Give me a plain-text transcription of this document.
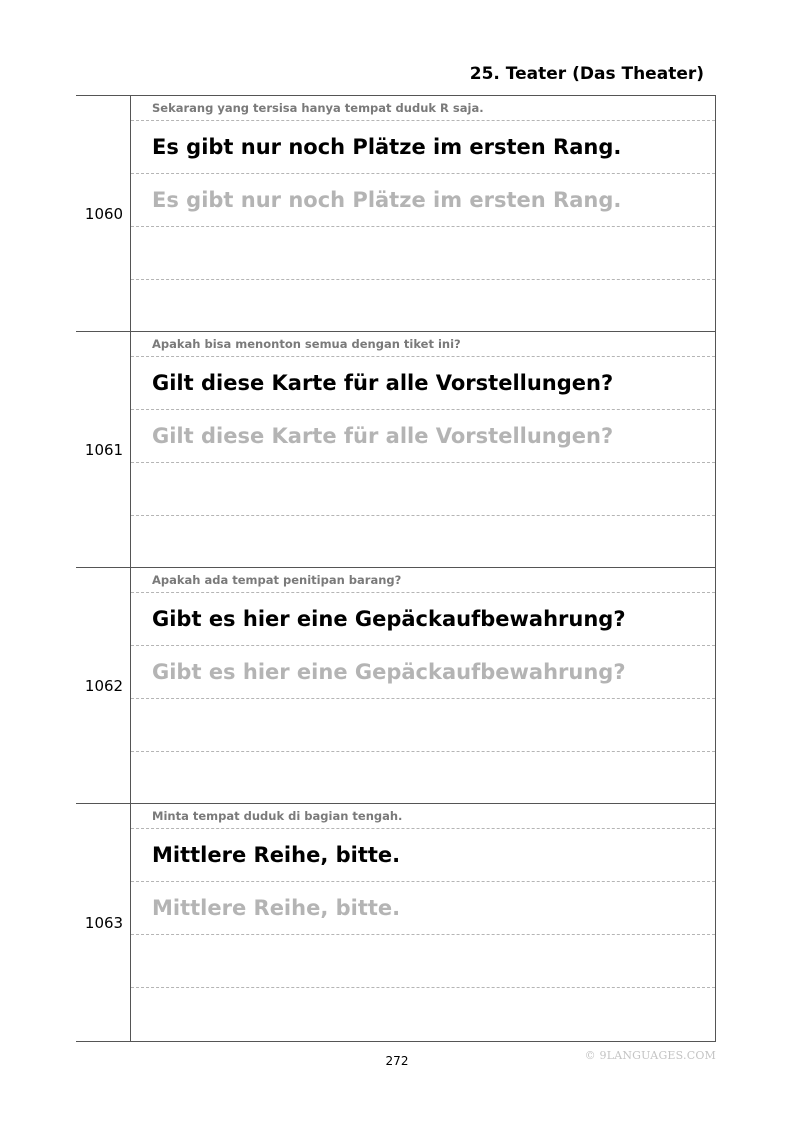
25. Teater (Das Theater)
1060
Sekarang yang tersisa hanya tempat duduk R saja.
Es gibt nur noch Plätze im ersten Rang.
Es gibt nur noch Plätze im ersten Rang.
1061
Apakah bisa menonton semua dengan tiket ini?
Gilt diese Karte für alle Vorstellungen?
Gilt diese Karte für alle Vorstellungen?
1062
Apakah ada tempat penitipan barang?
Gibt es hier eine Gepäckaufbewahrung?
Gibt es hier eine Gepäckaufbewahrung?
1063
Minta tempat duduk di bagian tengah.
Mittlere Reihe, bitte.
Mittlere Reihe, bitte.
272	© 9LANGUAGES.COM
